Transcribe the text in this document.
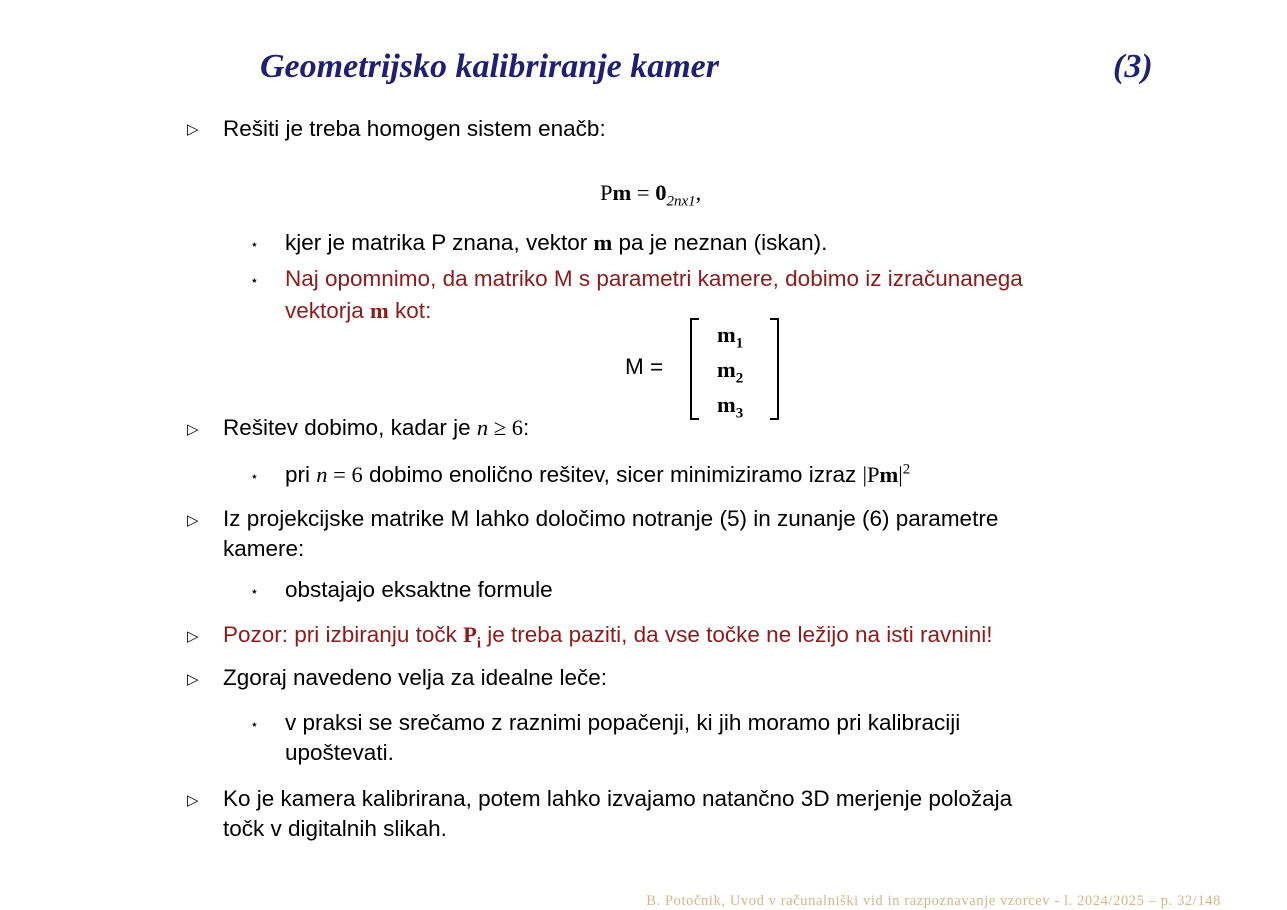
Geometrijsko kalibriranje kamer	(3)
▷ Rešiti je treba homogen sistem enačb:
$Pm = 0_{2nx1}$,
⋆ kjer je matrika P znana, vektor m pa je neznan (iskan).
⋆ Naj opomnimo, da matriko M s parametri kamere, dobimo iz izračunanega
vektorja m kot:
M =
$m_1$
$m_2$
$m_3$
▷ Rešitev dobimo, kadar je n ≥ 6:
⋆ pri n = 6 dobimo enolično rešitev, sicer minimiziramo izraz $|Pm|^2$
▷ Iz projekcijske matrike M lahko določimo notranje (5) in zunanje (6) parametre
kamere:
⋆ obstajajo eksaktne formule
▷ Pozor: pri izbiranju točk $P_i$ je treba paziti, da vse točke ne ležijo na isti ravnini!
▷ Zgoraj navedeno velja za idealne leče:
⋆ v praksi se srečamo z raznimi popačenji, ki jih moramo pri kalibraciji
upoštevati.
▷ Ko je kamera kalibrirana, potem lahko izvajamo natančno 3D merjenje položaja
točk v digitalnih slikah.
B. Potočnik, Uvod v računalniški vid in razpoznavanje vzorcev - l. 2024/2025 – p. 32/148
